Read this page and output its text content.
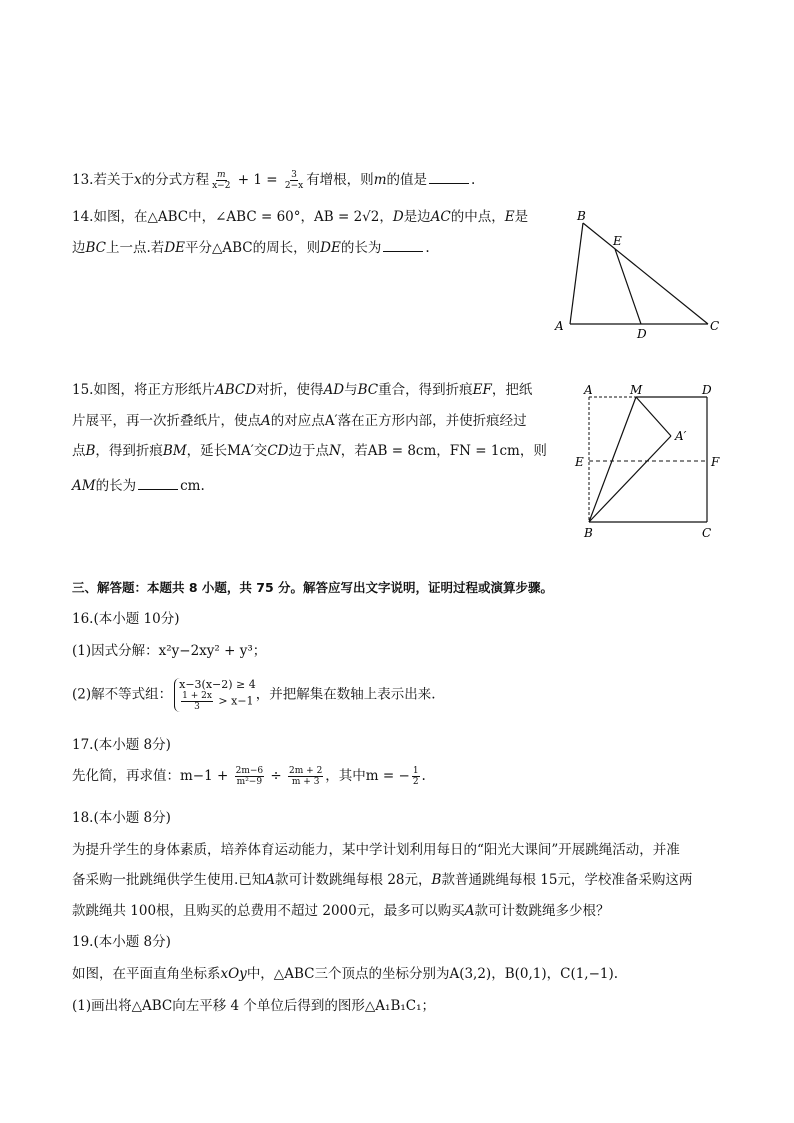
13.若关于x的分式方程 $\frac{m}{x-2} + 1 = \frac{3}{2-x}$ 有增根，则m的值是	.
14.如图，在△ABC中，∠ABC = 60°，AB = 2√2，D是边AC的中点，E是
边BC上一点.若DE平分△ABC的周长，则DE的长为	.
B
E
A
D
C
15.如图，将正方形纸片ABCD对折，使得AD与BC重合，得到折痕EF，把纸
片展平，再一次折叠纸片，使点A的对应点A′落在正方形内部，并使折痕经过
点B，得到折痕BM，延长MA′交CD边于点N，若AB = 8cm，FN = 1cm，则
AM的长为	cm.
A	M	D
A′
E	F
B	C
三、解答题：本题共 8 小题，共 75 分。解答应写出文字说明，证明过程或演算步骤。
16.(本小题 10分)
(1)因式分解：x²y−2xy² + y³；
(2)解不等式组：
x−3(x−2) ≥ 4
$\frac{1 + 2x}{3} > x-1$ ，并把解集在数轴上表示出来.
17.(本小题 8分)
先化简，再求值：$m-1 + \frac{2m-6}{\text{m²−9}} \div \frac{2m + 2}{m + 3}$ ，其中m = − $\frac{1}{2}$ .
18.(本小题 8分)
为提升学生的身体素质，培养体育运动能力，某中学计划利用每日的“阳光大课间”开展跳绳活动，并准
备采购一批跳绳供学生使用.已知A款可计数跳绳每根 28元，B款普通跳绳每根 15元，学校准备采购这两
款跳绳共 100根，且购买的总费用不超过 2000元，最多可以购买A款可计数跳绳多少根？
19.(本小题 8分)
如图，在平面直角坐标系xOy中，△ABC三个顶点的坐标分别为A(3,2)，B(0,1)，C(1,−1).
(1)画出将△ABC向左平移 4 个单位后得到的图形△A₁B₁C₁；
